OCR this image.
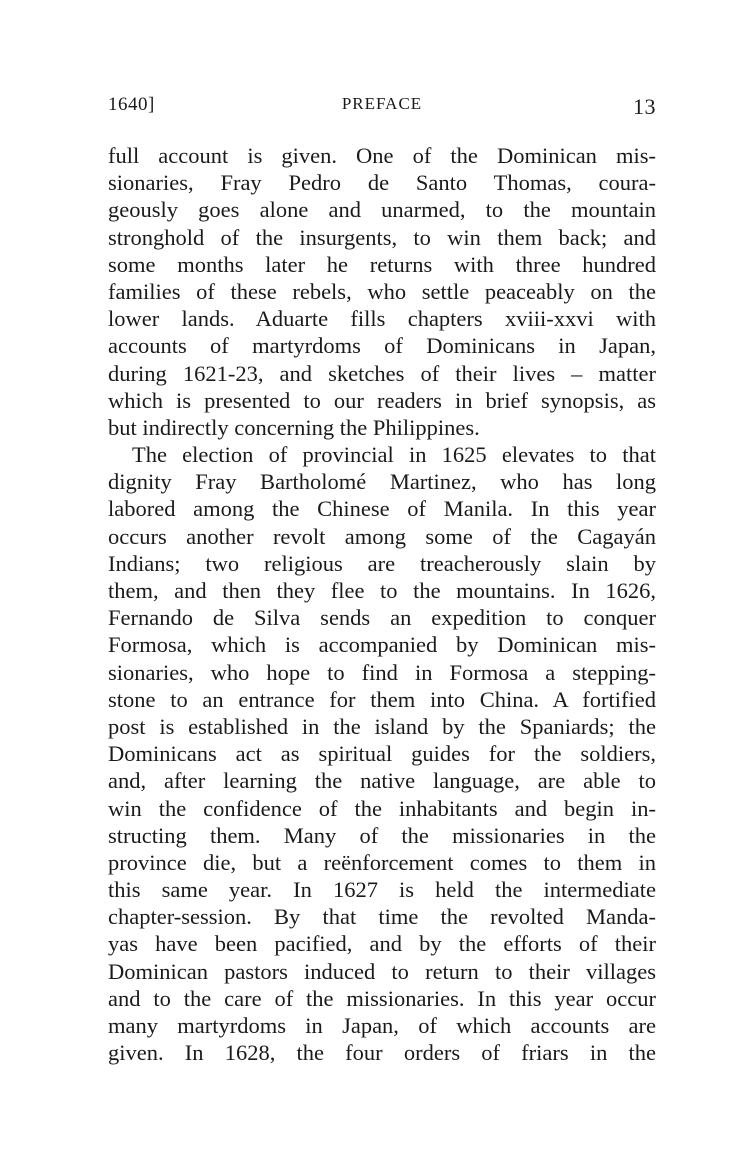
1640]	PREFACE	13
full account is given. One of the Dominican mis-
sionaries, Fray Pedro de Santo Thomas, coura-
geously goes alone and unarmed, to the mountain
stronghold of the insurgents, to win them back; and
some months later he returns with three hundred
families of these rebels, who settle peaceably on the
lower lands. Aduarte fills chapters xviii-xxvi with
accounts of martyrdoms of Dominicans in Japan,
during 1621-23, and sketches of their lives – matter
which is presented to our readers in brief synopsis, as
but indirectly concerning the Philippines.
The election of provincial in 1625 elevates to that
dignity Fray Bartholomé Martinez, who has long
labored among the Chinese of Manila. In this year
occurs another revolt among some of the Cagayán
Indians; two religious are treacherously slain by
them, and then they flee to the mountains. In 1626,
Fernando de Silva sends an expedition to conquer
Formosa, which is accompanied by Dominican mis-
sionaries, who hope to find in Formosa a stepping-
stone to an entrance for them into China. A fortified
post is established in the island by the Spaniards; the
Dominicans act as spiritual guides for the soldiers,
and, after learning the native language, are able to
win the confidence of the inhabitants and begin in-
structing them. Many of the missionaries in the
province die, but a reënforcement comes to them in
this same year. In 1627 is held the intermediate
chapter-session. By that time the revolted Manda-
yas have been pacified, and by the efforts of their
Dominican pastors induced to return to their villages
and to the care of the missionaries. In this year occur
many martyrdoms in Japan, of which accounts are
given. In 1628, the four orders of friars in the
